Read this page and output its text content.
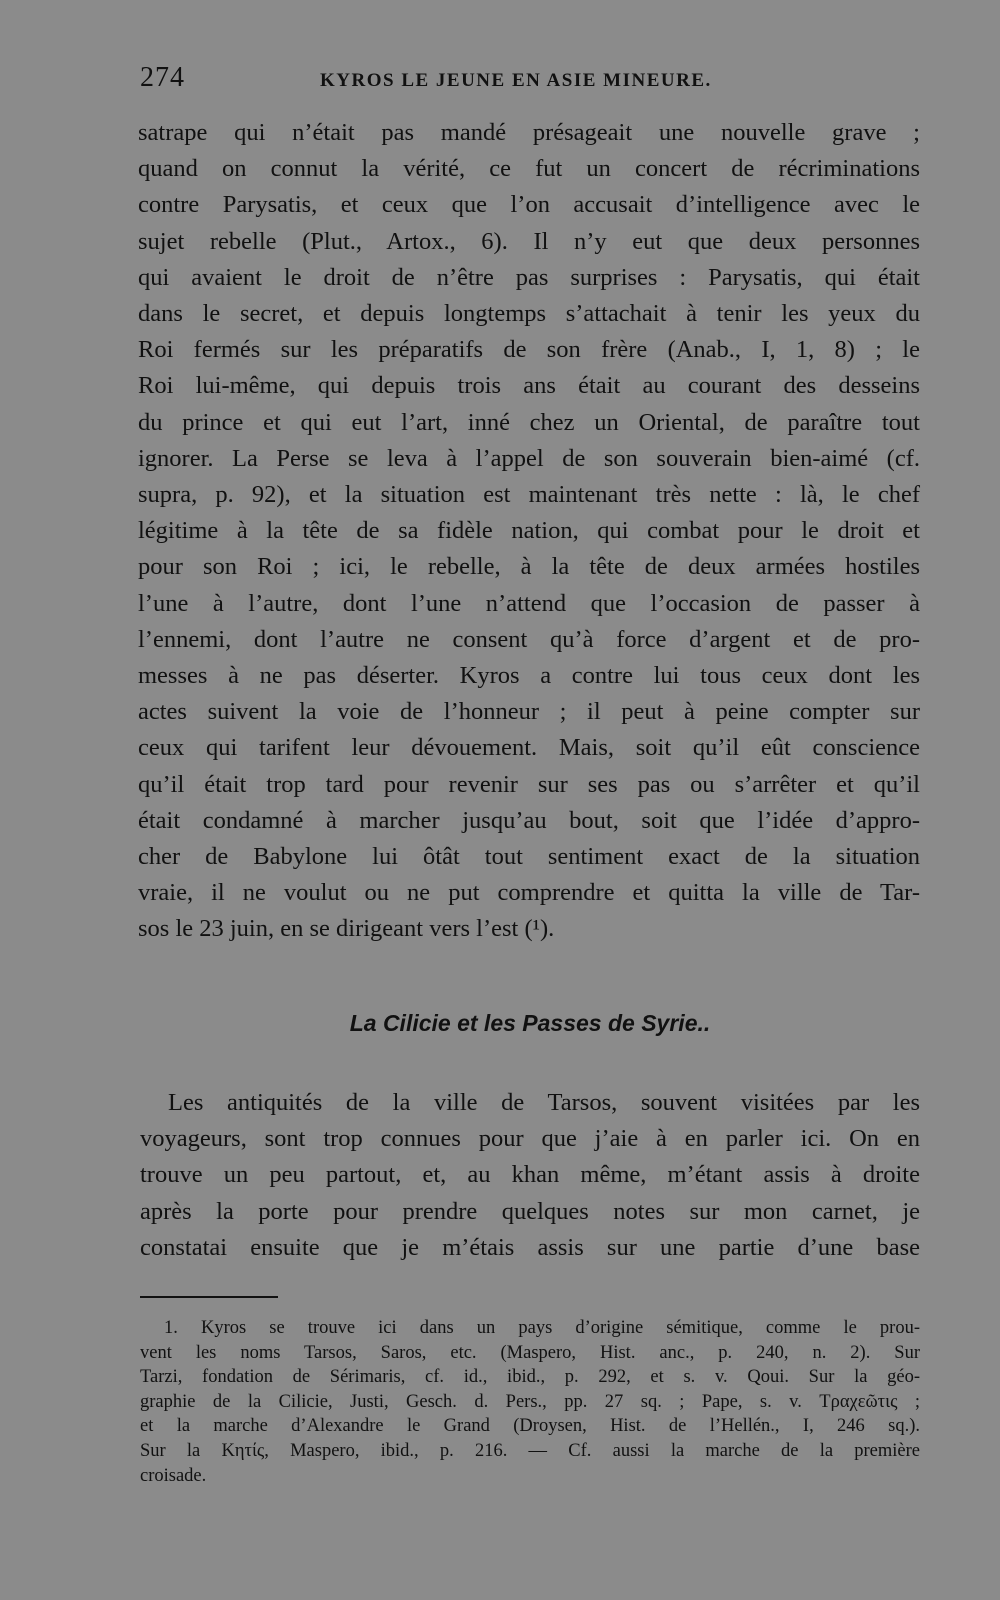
274	KYROS LE JEUNE EN ASIE MINEURE.
satrape qui n’était pas mandé présageait une nouvelle grave ;
quand on connut la vérité, ce fut un concert de récriminations
contre Parysatis, et ceux que l’on accusait d’intelligence avec le
sujet rebelle (Plut., Artox., 6). Il n’y eut que deux personnes
qui avaient le droit de n’être pas surprises : Parysatis, qui était
dans le secret, et depuis longtemps s’attachait à tenir les yeux du
Roi fermés sur les préparatifs de son frère (Anab., I, 1, 8) ; le
Roi lui-même, qui depuis trois ans était au courant des desseins
du prince et qui eut l’art, inné chez un Oriental, de paraître tout
ignorer. La Perse se leva à l’appel de son souverain bien-aimé (cf.
supra, p. 92), et la situation est maintenant très nette : là, le chef
légitime à la tête de sa fidèle nation, qui combat pour le droit et
pour son Roi ; ici, le rebelle, à la tête de deux armées hostiles
l’une à l’autre, dont l’une n’attend que l’occasion de passer à
l’ennemi, dont l’autre ne consent qu’à force d’argent et de pro-
messes à ne pas déserter. Kyros a contre lui tous ceux dont les
actes suivent la voie de l’honneur ; il peut à peine compter sur
ceux qui tarifent leur dévouement. Mais, soit qu’il eût conscience
qu’il était trop tard pour revenir sur ses pas ou s’arrêter et qu’il
était condamné à marcher jusqu’au bout, soit que l’idée d’appro-
cher de Babylone lui ôtât tout sentiment exact de la situation
vraie, il ne voulut ou ne put comprendre et quitta la ville de Tar-
sos le 23 juin, en se dirigeant vers l’est (¹).
La Cilicie et les Passes de Syrie..
Les antiquités de la ville de Tarsos, souvent visitées par les
voyageurs, sont trop connues pour que j’aie à en parler ici. On en
trouve un peu partout, et, au khan même, m’étant assis à droite
après la porte pour prendre quelques notes sur mon carnet, je
constatai ensuite que je m’étais assis sur une partie d’une base
1. Kyros se trouve ici dans un pays d’origine sémitique, comme le prou-
vent les noms Tarsos, Saros, etc. (Maspero, Hist. anc., p. 240, n. 2). Sur
Tarzi, fondation de Sérimaris, cf. id., ibid., p. 292, et s. v. Qoui. Sur la géo-
graphie de la Cilicie, Justi, Gesch. d. Pers., pp. 27 sq. ; Pape, s. v. Τραχεῶτις ;
et la marche d’Alexandre le Grand (Droysen, Hist. de l’Hellén., I, 246 sq.).
Sur la Κητίς, Maspero, ibid., p. 216. — Cf. aussi la marche de la première
croisade.
